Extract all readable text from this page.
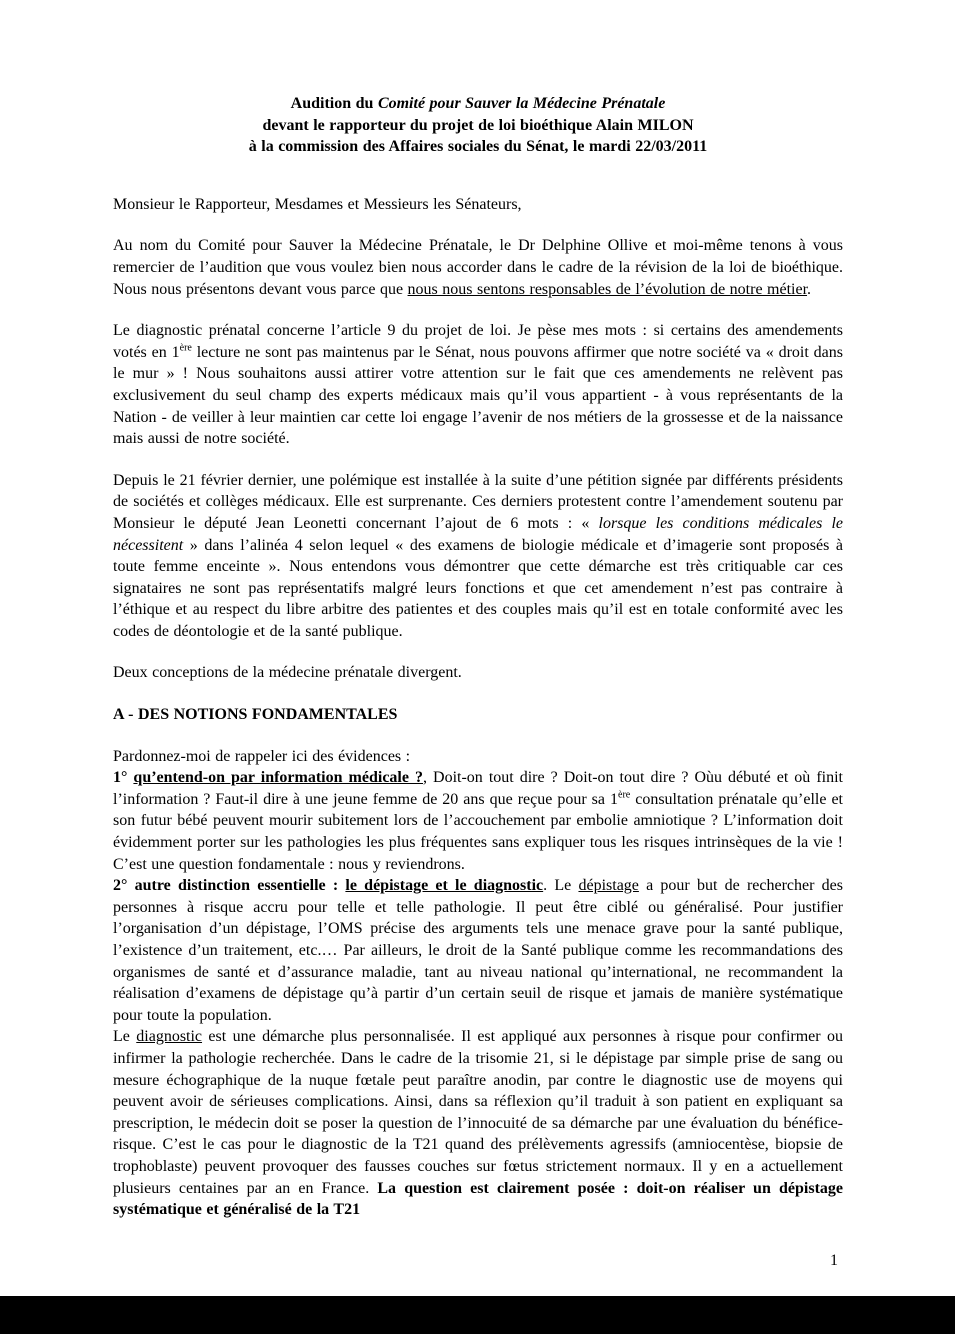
Audition du Comité pour Sauver la Médecine Prénatale

devant le rapporteur du projet de loi bioéthique Alain MILON

à la commission des Affaires sociales du Sénat, le mardi 22/03/2011

Monsieur le Rapporteur, Mesdames et Messieurs les Sénateurs,

Au nom du Comité pour Sauver la Médecine Prénatale, le Dr Delphine Ollive et moi-même tenons à vous remercier de l’audition que vous voulez bien nous accorder dans le cadre de la révision de la loi de bioéthique. Nous nous présentons devant vous parce que nous nous sentons responsables de l’évolution de notre métier.

Le diagnostic prénatal concerne l’article 9 du projet de loi. Je pèse mes mots : si certains des amendements votés en 1ère lecture ne sont pas maintenus par le Sénat, nous pouvons affirmer que notre société va « droit dans le mur » ! Nous souhaitons aussi attirer votre attention sur le fait que ces amendements ne relèvent pas exclusivement du seul champ des experts médicaux mais qu’il vous appartient - à vous représentants de la Nation - de veiller à leur maintien car cette loi engage l’avenir de nos métiers de la grossesse et de la naissance mais aussi de notre société.

Depuis le 21 février dernier, une polémique est installée à la suite d’une pétition signée par différents présidents de sociétés et collèges médicaux. Elle est surprenante. Ces derniers protestent contre l’amendement soutenu par Monsieur le député Jean Leonetti concernant l’ajout de 6 mots : « lorsque les conditions médicales le nécessitent » dans l’alinéa 4 selon lequel « des examens de biologie médicale et d’imagerie sont proposés à toute femme enceinte ». Nous entendons vous démontrer que cette démarche est très critiquable car ces signataires ne sont pas représentatifs malgré leurs fonctions et que cet amendement n’est pas contraire à l’éthique et au respect du libre arbitre des patientes et des couples mais qu’il est en totale conformité avec les codes de déontologie et de la santé publique.

Deux conceptions de la médecine prénatale divergent.

A - DES NOTIONS FONDAMENTALES

Pardonnez-moi de rappeler ici des évidences :

1° qu’entend-on par information médicale ?, Doit-on tout dire ? Doit-on tout dire ? Oùu débuté et où finit l’information ? Faut-il dire à une jeune femme de 20 ans que reçue pour sa 1ère consultation prénatale qu’elle et son futur bébé peuvent mourir subitement lors de l’accouchement par embolie amniotique ? L’information doit évidemment porter sur les pathologies les plus fréquentes sans expliquer tous les risques intrinsèques de la vie ! C’est une question fondamentale : nous y reviendrons.

2° autre distinction essentielle : le dépistage et le diagnostic. Le dépistage a pour but de rechercher des personnes à risque accru pour telle et telle pathologie. Il peut être ciblé ou généralisé. Pour justifier l’organisation d’un dépistage, l’OMS précise des arguments tels une menace grave pour la santé publique, l’existence d’un traitement, etc.… Par ailleurs, le droit de la Santé publique comme les recommandations des organismes de santé et d’assurance maladie, tant au niveau national qu’international, ne recommandent la réalisation d’examens de dépistage qu’à partir d’un certain seuil de risque et jamais de manière systématique pour toute la population.

Le diagnostic est une démarche plus personnalisée. Il est appliqué aux personnes à risque pour confirmer ou infirmer la pathologie recherchée. Dans le cadre de la trisomie 21, si le dépistage par simple prise de sang ou mesure échographique de la nuque fœtale peut paraître anodin, par contre le diagnostic use de moyens qui peuvent avoir de sérieuses complications. Ainsi, dans sa réflexion qu’il traduit à son patient en expliquant sa prescription, le médecin doit se poser la question de l’innocuité de sa démarche par une évaluation du bénéfice-risque. C’est le cas pour le diagnostic de la T21 quand des prélèvements agressifs (amniocentèse, biopsie de trophoblaste) peuvent provoquer des fausses couches sur fœtus strictement normaux. Il y en a actuellement plusieurs centaines par an en France. La question est clairement posée : doit-on réaliser un dépistage systématique et généralisé de la T21

1
